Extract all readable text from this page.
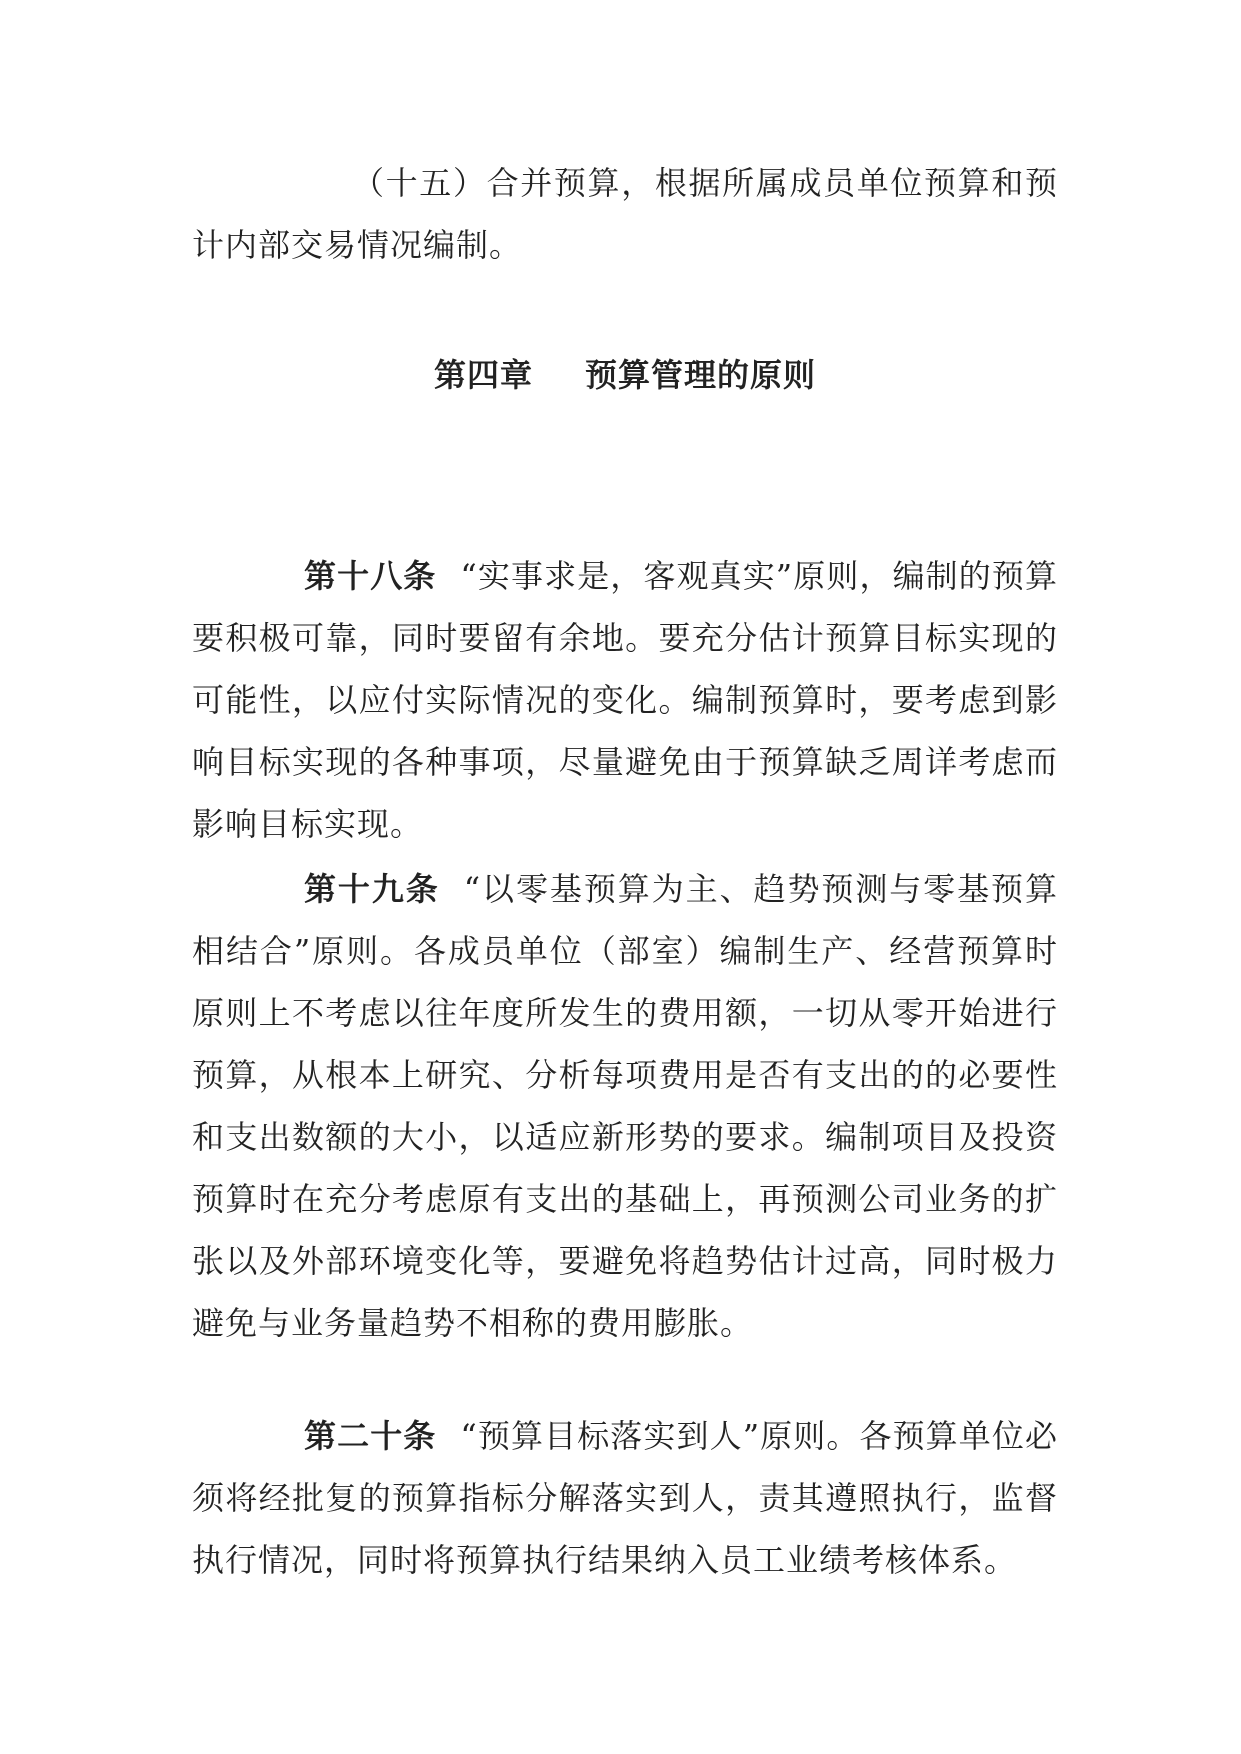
（十五）合并预算，根据所属成员单位预算和预计内部交易情况编制。

第四章 预算管理的原则

第十八条 “实事求是，客观真实”原则，编制的预算要积极可靠，同时要留有余地。要充分估计预算目标实现的可能性，以应付实际情况的变化。编制预算时，要考虑到影响目标实现的各种事项，尽量避免由于预算缺乏周详考虑而影响目标实现。

第十九条 “以零基预算为主、趋势预测与零基预算相结合”原则。各成员单位（部室）编制生产、经营预算时原则上不考虑以往年度所发生的费用额，一切从零开始进行预算，从根本上研究、分析每项费用是否有支出的的必要性和支出数额的大小，以适应新形势的要求。编制项目及投资预算时在充分考虑原有支出的基础上，再预测公司业务的扩张以及外部环境变化等，要避免将趋势估计过高，同时极力避免与业务量趋势不相称的费用膨胀。

第二十条 “预算目标落实到人”原则。各预算单位必须将经批复的预算指标分解落实到人，责其遵照执行，监督执行情况，同时将预算执行结果纳入员工业绩考核体系。
